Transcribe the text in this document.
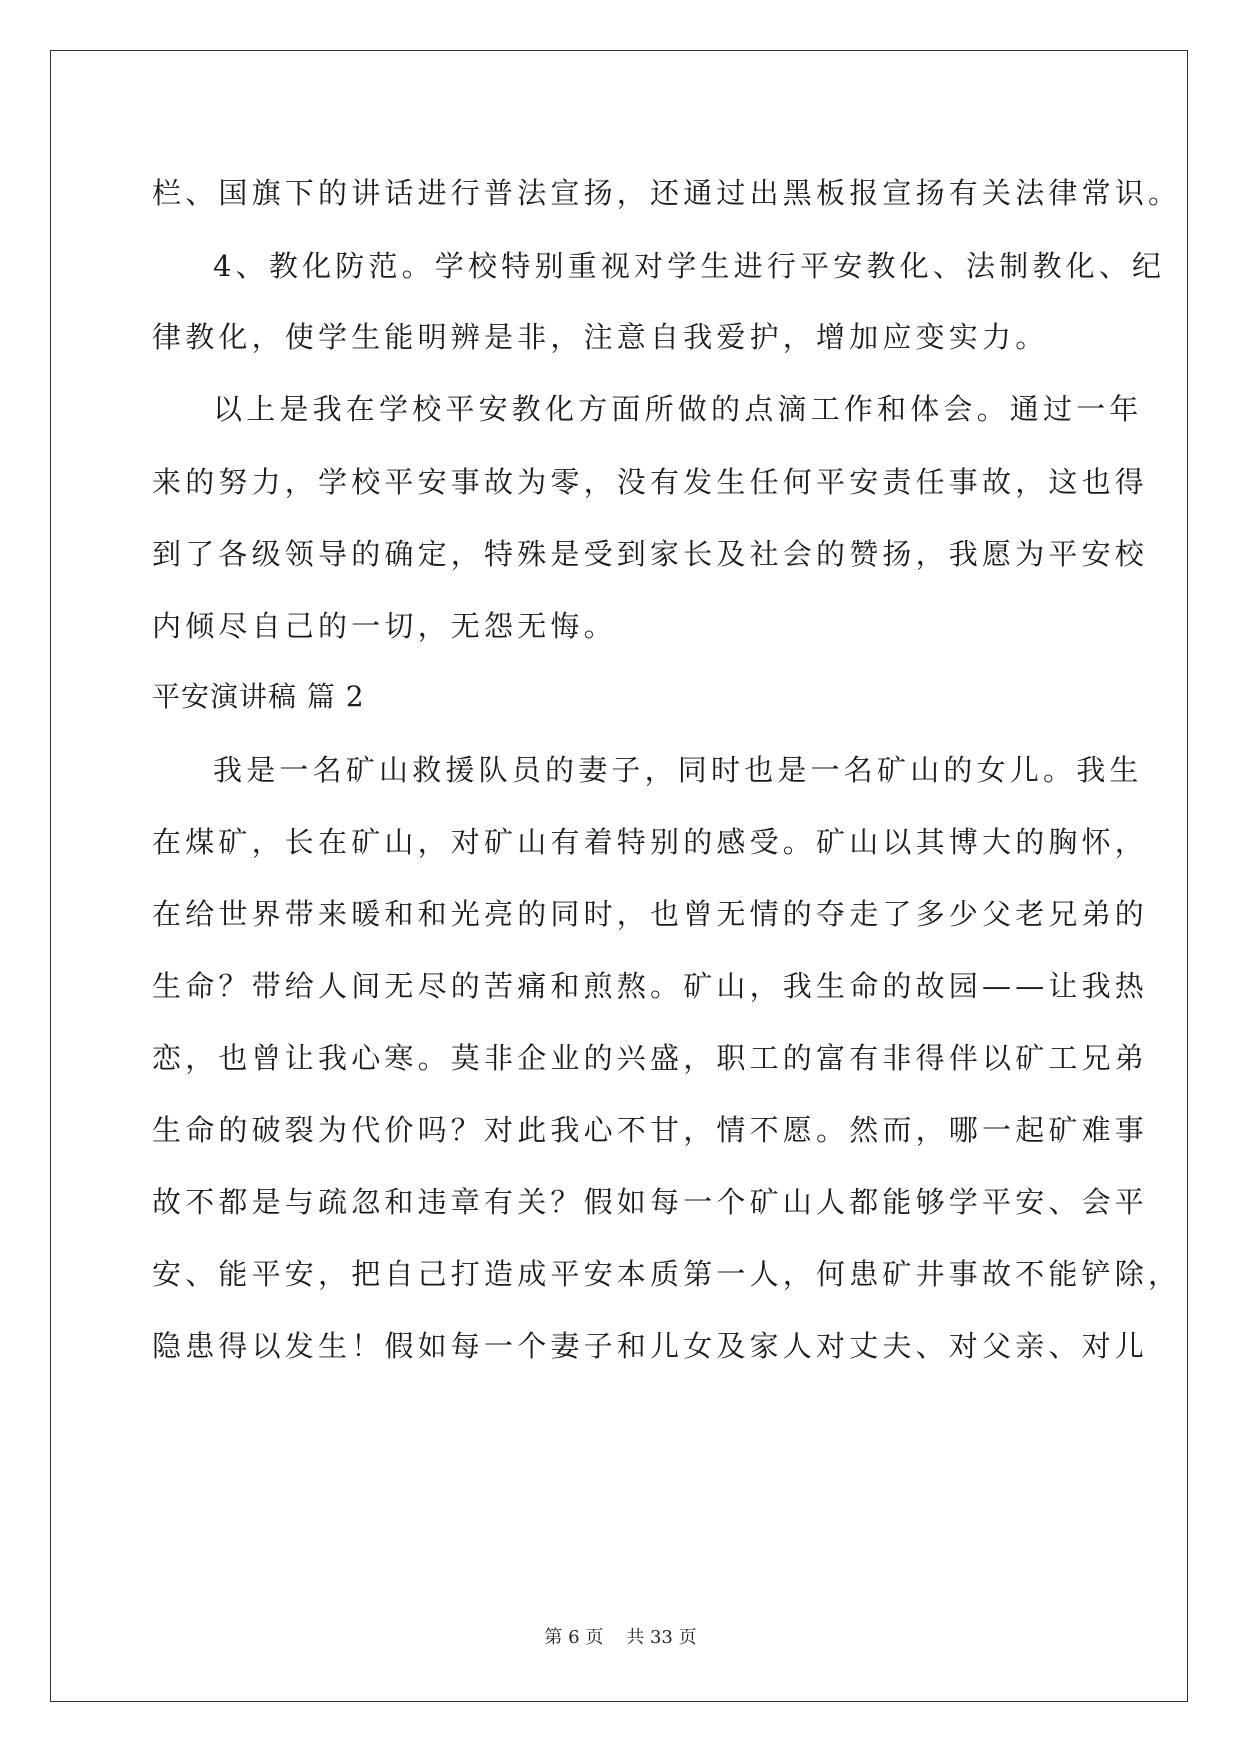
栏、国旗下的讲话进行普法宣扬，还通过出黑板报宣扬有关法律常识。
4、教化防范。学校特别重视对学生进行平安教化、法制教化、纪
律教化，使学生能明辨是非，注意自我爱护，增加应变实力。
以上是我在学校平安教化方面所做的点滴工作和体会。通过一年
来的努力，学校平安事故为零，没有发生任何平安责任事故，这也得
到了各级领导的确定，特殊是受到家长及社会的赞扬，我愿为平安校
内倾尽自己的一切，无怨无悔。
平安演讲稿 篇 2
我是一名矿山救援队员的妻子，同时也是一名矿山的女儿。我生
在煤矿，长在矿山，对矿山有着特别的感受。矿山以其博大的胸怀，
在给世界带来暖和和光亮的同时，也曾无情的夺走了多少父老兄弟的
生命？带给人间无尽的苦痛和煎熬。矿山，我生命的故园——让我热
恋，也曾让我心寒。莫非企业的兴盛，职工的富有非得伴以矿工兄弟
生命的破裂为代价吗？对此我心不甘，情不愿。然而，哪一起矿难事
故不都是与疏忽和违章有关？假如每一个矿山人都能够学平安、会平
安、能平安，把自己打造成平安本质第一人，何患矿井事故不能铲除，
隐患得以发生！假如每一个妻子和儿女及家人对丈夫、对父亲、对儿
第 6 页 共 33 页
